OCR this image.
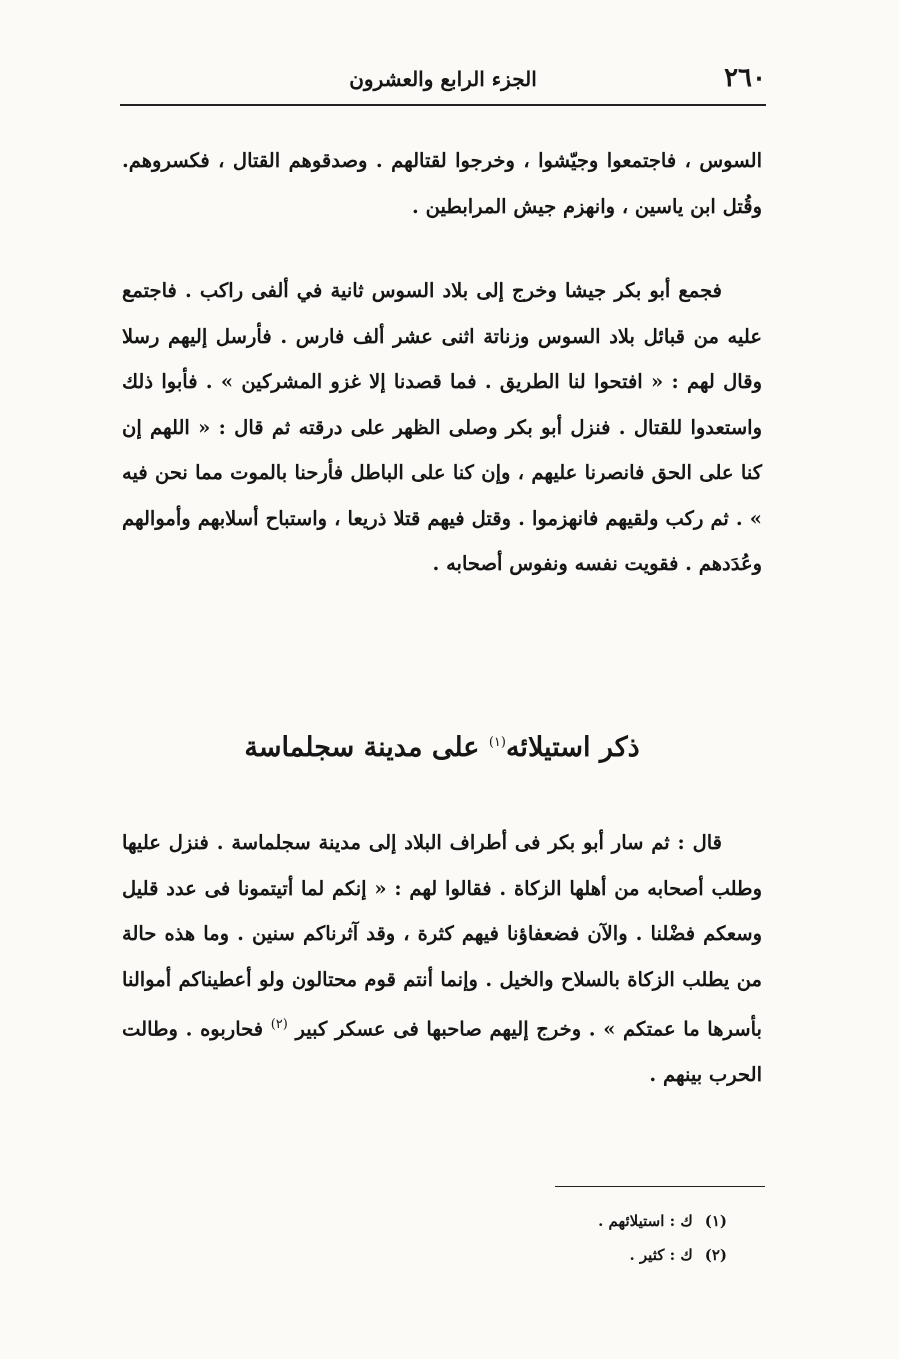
٢٦٠
الجزء الرابع والعشرون

السوس ، فاجتمعوا وجيّشوا ، وخرجوا لقتالهم . وصدقوهم القتال ، فكسروهم. وقُتل ابن ياسين ، وانهزم جيش المرابطين .

فجمع أبو بكر جيشا وخرج إلى بلاد السوس ثانية في ألفى راكب . فاجتمع عليه من قبائل بلاد السوس وزناتة اثنى عشر ألف فارس . فأرسل إليهم رسلا وقال لهم : « افتحوا لنا الطريق . فما قصدنا إلا غزو المشركين » . فأبوا ذلك واستعدوا للقتال . فنزل أبو بكر وصلى الظهر على درقته ثم قال : « اللهم إن كنا على الحق فانصرنا عليهم ، وإن كنا على الباطل فأرحنا بالموت مما نحن فيه » . ثم ركب ولقيهم فانهزموا . وقتل فيهم قتلا ذريعا ، واستباح أسلابهم وأموالهم وعُدَدهم . فقويت نفسه ونفوس أصحابه .

ذكر استيلائه$^{(١)}$ على مدينة سجلماسة

قال : ثم سار أبو بكر فى أطراف البلاد إلى مدينة سجلماسة . فنزل عليها وطلب أصحابه من أهلها الزكاة . فقالوا لهم : « إنكم لما أتيتمونا فى عدد قليل وسعكم فضْلنا . والآن فضعفاؤنا فيهم كثرة ، وقد آثرناكم سنين . وما هذه حالة من يطلب الزكاة بالسلاح والخيل . وإنما أنتم قوم محتالون ولو أعطيناكم أموالنا بأسرها ما عمتكم » . وخرج إليهم صاحبها فى عسكر كبير $^{(٢)}$ فحاربوه . وطالت الحرب بينهم .

(١)ك : استيلائهم .
(٢)ك : كثير .
